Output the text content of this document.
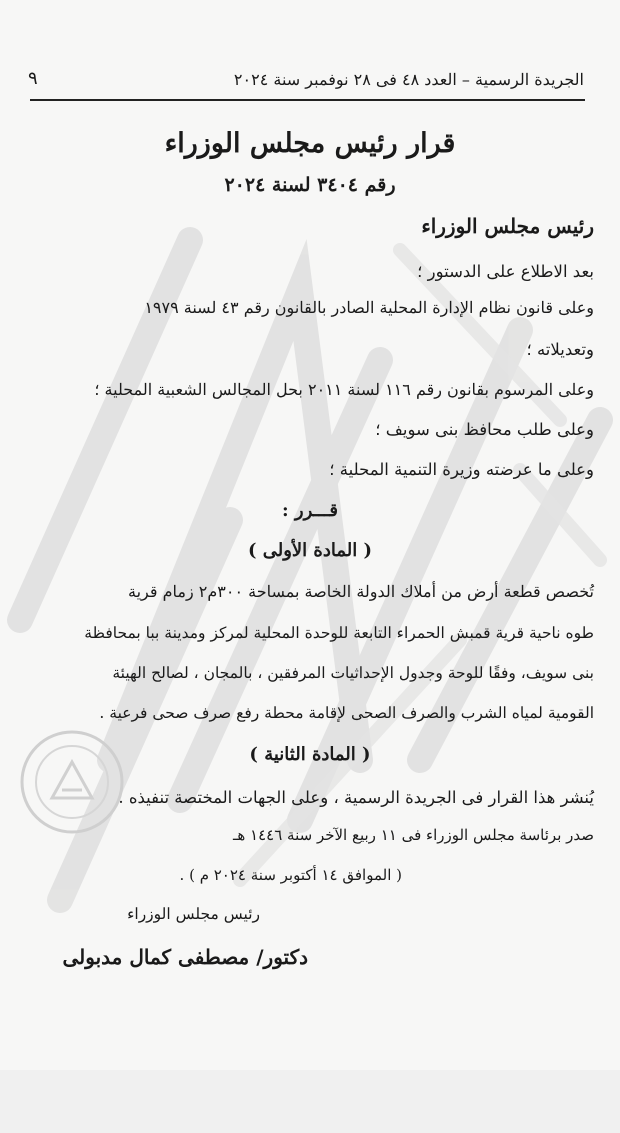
الجريدة الرسمية – العدد ٤٨ فى ٢٨ نوفمبر سنة ٢٠٢٤
٩
قرار رئيس مجلس الوزراء
رقم ٣٤٠٤ لسنة ٢٠٢٤
رئيس مجلس الوزراء
بعد الاطلاع على الدستور ؛
وعلى قانون نظام الإدارة المحلية الصادر بالقانون رقم ٤٣ لسنة ١٩٧٩
وتعديلاته ؛
وعلى المرسوم بقانون رقم ١١٦ لسنة ٢٠١١ بحل المجالس الشعبية المحلية ؛
وعلى طلب محافظ بنى سويف ؛
وعلى ما عرضته وزيرة التنمية المحلية ؛
قـــرر :
( المادة الأولى )
تُخصص قطعة أرض من أملاك الدولة الخاصة بمساحة ٣٠٠م٢ زمام قرية
طوه ناحية قرية قمبش الحمراء التابعة للوحدة المحلية لمركز ومدينة ببا بمحافظة
بنى سويف، وفقًا للوحة وجدول الإحداثيات المرفقين ، بالمجان ، لصالح الهيئة
القومية لمياه الشرب والصرف الصحى لإقامة محطة رفع صرف صحى فرعية .
( المادة الثانية )
يُنشر هذا القرار فى الجريدة الرسمية ، وعلى الجهات المختصة تنفيذه .
صدر برئاسة مجلس الوزراء فى ١١ ربيع الآخر سنة ١٤٤٦ هـ
( الموافق ١٤ أكتوبر سنة ٢٠٢٤ م ) .
رئيس مجلس الوزراء
دكتور/ مصطفى كمال مدبولى
